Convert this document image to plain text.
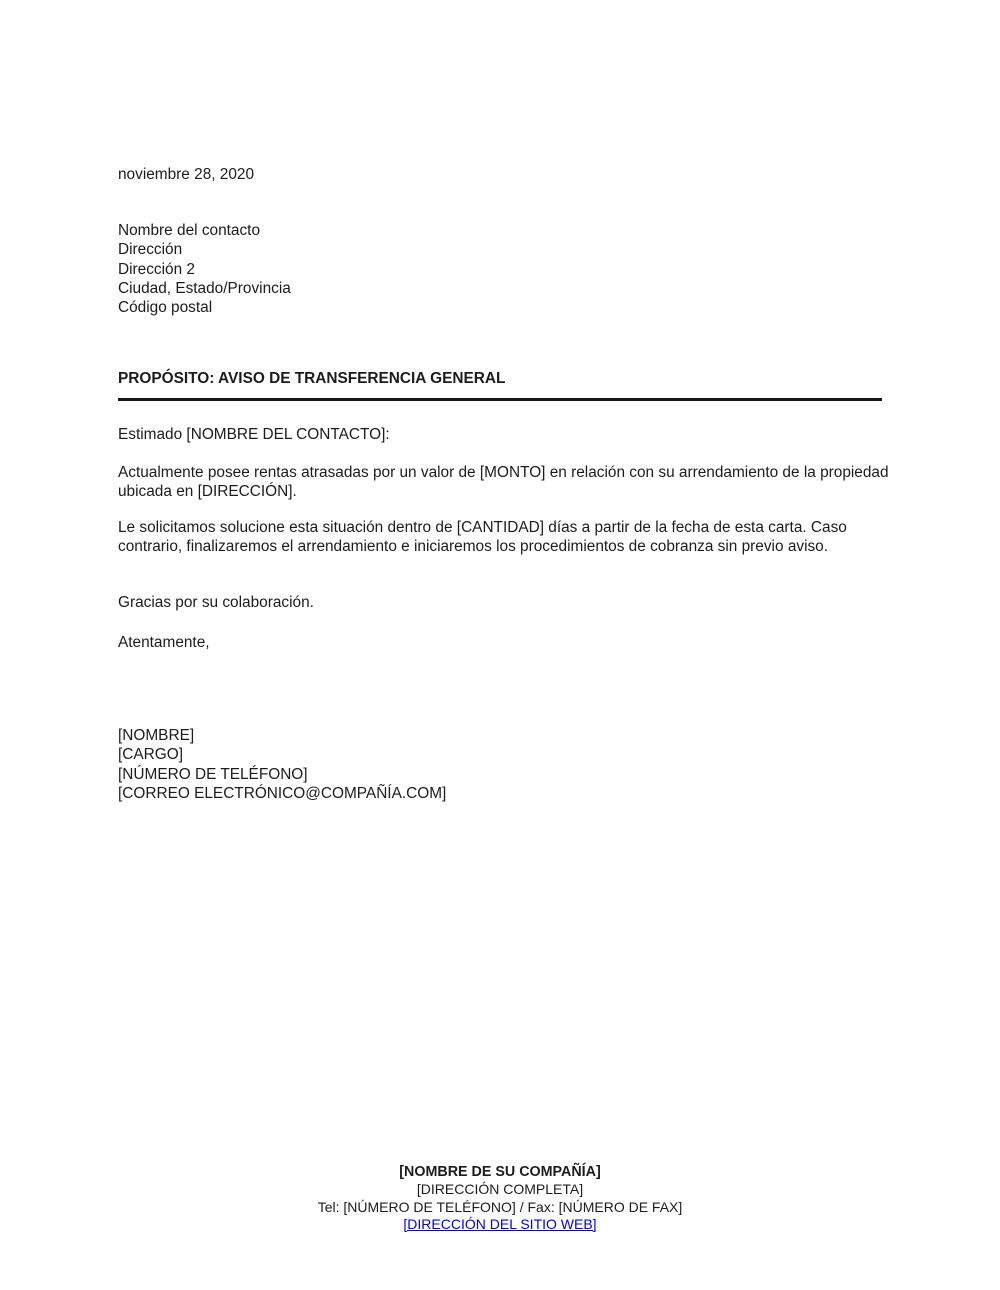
noviembre 28, 2020
Nombre del contacto
Dirección
Dirección 2
Ciudad, Estado/Provincia
Código postal
PROPÓSITO: AVISO DE TRANSFERENCIA GENERAL
Estimado [NOMBRE DEL CONTACTO]:
Actualmente posee rentas atrasadas por un valor de [MONTO] en relación con su arrendamiento de la propiedad ubicada en [DIRECCIÓN].
Le solicitamos solucione esta situación dentro de [CANTIDAD] días a partir de la fecha de esta carta. Caso contrario, finalizaremos el arrendamiento e iniciaremos los procedimientos de cobranza sin previo aviso.
Gracias por su colaboración.
Atentamente,
[NOMBRE]
[CARGO]
[NÚMERO DE TELÉFONO]
[CORREO ELECTRÓNICO@COMPAÑÍA.COM]
[NOMBRE DE SU COMPAÑÍA]
[DIRECCIÓN COMPLETA]
Tel: [NÚMERO DE TELÉFONO] / Fax: [NÚMERO DE FAX]
[DIRECCIÓN DEL SITIO WEB]
